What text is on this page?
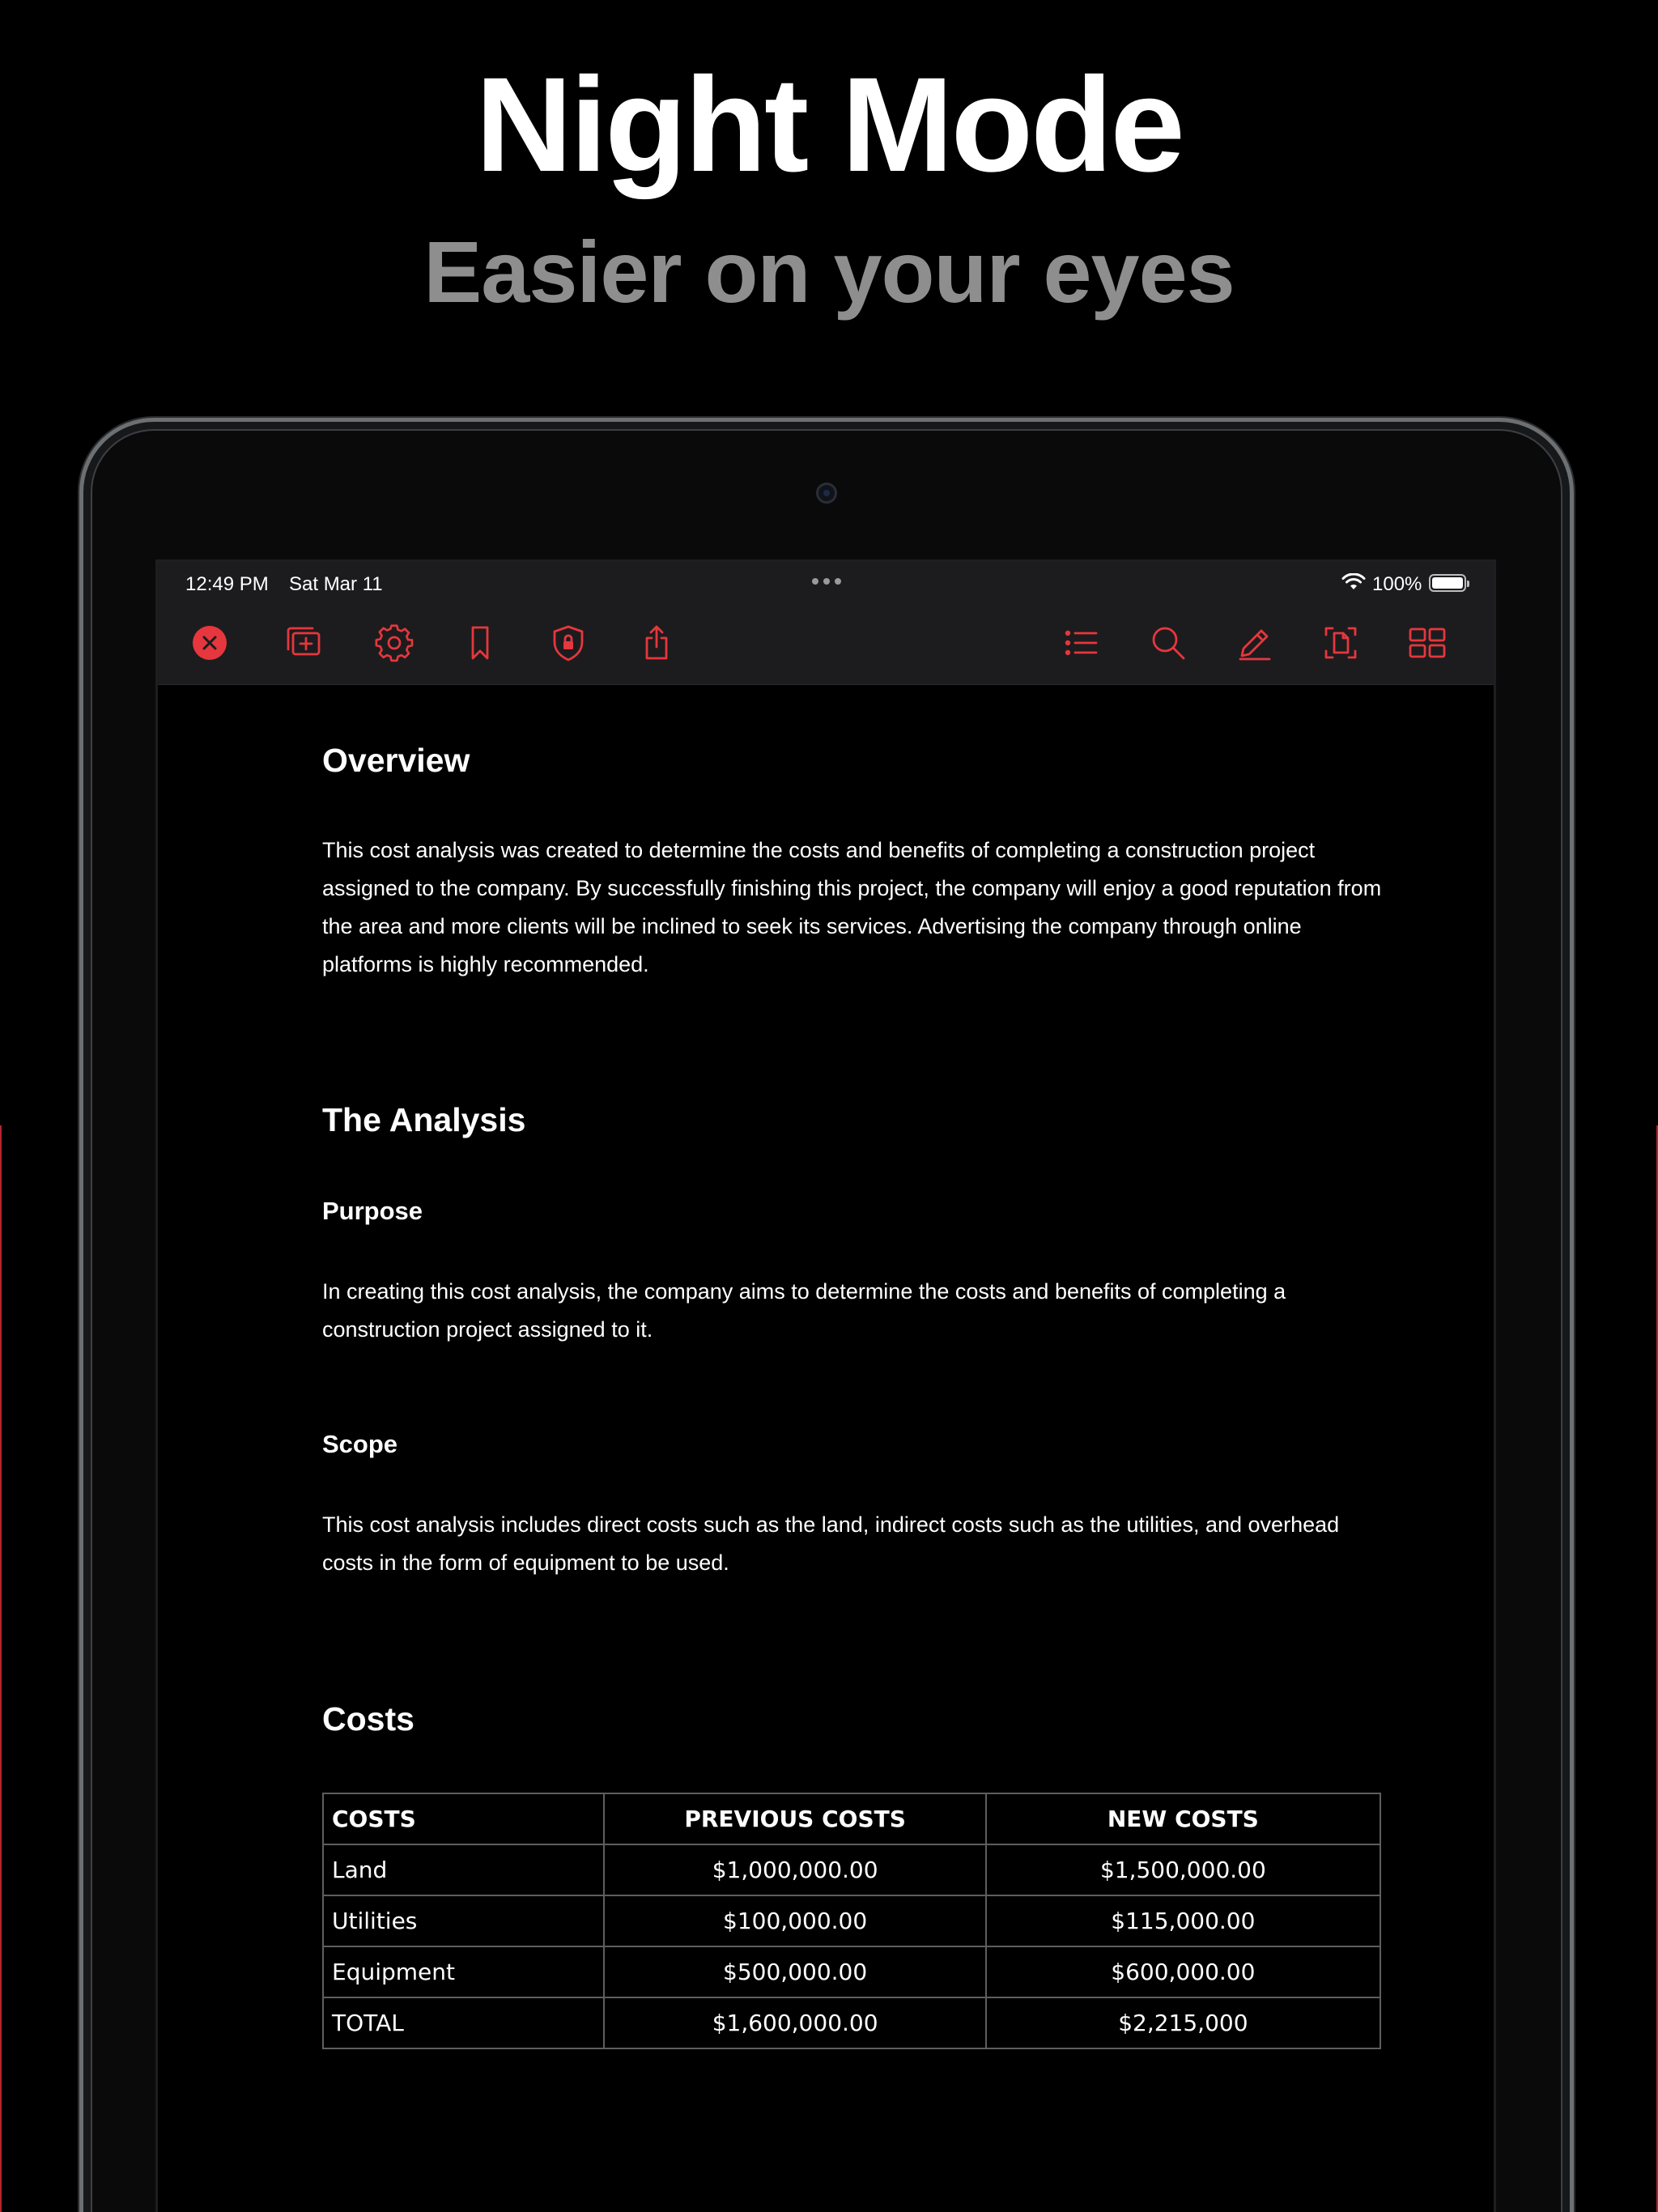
Night Mode
Easier on your eyes
12:49 PM Sat Mar 11	100%
Overview
This cost analysis was created to determine the costs and benefits of completing a construction project assigned to the company. By successfully finishing this project, the company will enjoy a good reputation from the area and more clients will be inclined to seek its services. Advertising the company through online platforms is highly recommended.
The Analysis
Purpose
In creating this cost analysis, the company aims to determine the costs and benefits of completing a construction project assigned to it.
Scope
This cost analysis includes direct costs such as the land, indirect costs such as the utilities, and overhead costs in the form of equipment to be used.
Costs
COSTS	PREVIOUS COSTS	NEW COSTS
Land	$1,000,000.00	$1,500,000.00
Utilities	$100,000.00	$115,000.00
Equipment	$500,000.00	$600,000.00
TOTAL	$1,600,000.00	$2,215,000
